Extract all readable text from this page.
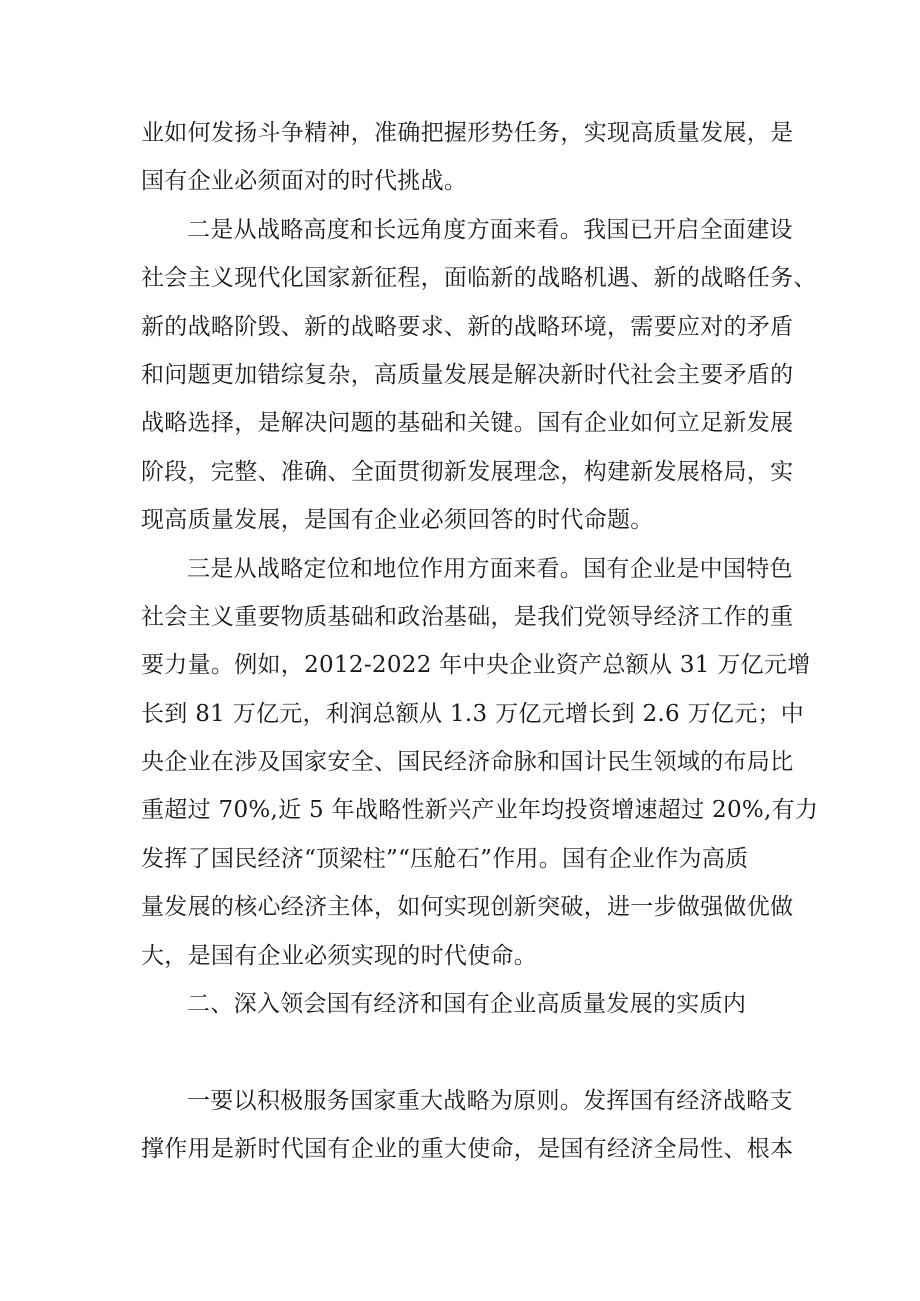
业如何发扬斗争精神，准确把握形势任务，实现高质量发展，是
国有企业必须面对的时代挑战。
二是从战略高度和长远角度方面来看。我国已开启全面建设
社会主义现代化国家新征程，面临新的战略机遇、新的战略任务、
新的战略阶毁、新的战略要求、新的战略环境，需要应对的矛盾
和问题更加错综复杂，高质量发展是解决新时代社会主要矛盾的
战略选择，是解决问题的基础和关键。国有企业如何立足新发展
阶段，完整、准确、全面贯彻新发展理念，构建新发展格局，实
现高质量发展，是国有企业必须回答的时代命题。
三是从战略定位和地位作用方面来看。国有企业是中国特色
社会主义重要物质基础和政治基础，是我们党领导经济工作的重
要力量。例如，2012-2022 年中央企业资产总额从 31 万亿元增
长到 81 万亿元，利润总额从 1.3 万亿元增长到 2.6 万亿元；中
央企业在涉及国家安全、国民经济命脉和国计民生领域的布局比
重超过 70%,近 5 年战略性新兴产业年均投资增速超过 20%,有力
发挥了国民经济“顶梁柱”“压舱石”作用。国有企业作为高质
量发展的核心经济主体，如何实现创新突破，进一步做强做优做
大，是国有企业必须实现的时代使命。
二、深入领会国有经济和国有企业高质量发展的实质内
一要以积极服务国家重大战略为原则。发挥国有经济战略支
撑作用是新时代国有企业的重大使命，是国有经济全局性、根本
